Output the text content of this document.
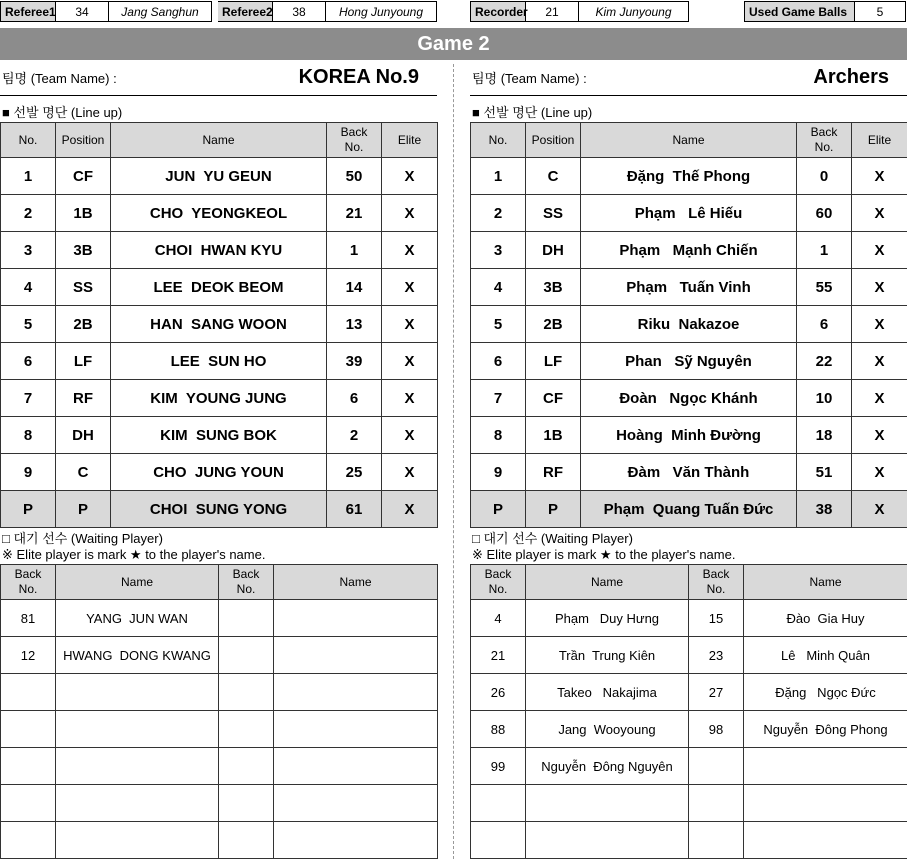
Referee1	34	Jang Sanghun	Referee2	38	Hong Junyoung	Recorder	21	Kim Junyoung	Used Game Balls	5
Game 2
팀명 (Team Name) :	KOREA No.9
■ 선발 명단 (Line up)
No.	Position	Name	Back No.	Elite
1	CF	JUN  YU GEUN	50	X
2	1B	CHO  YEONGKEOL	21	X
3	3B	CHOI  HWAN KYU	1	X
4	SS	LEE  DEOK BEOM	14	X
5	2B	HAN  SANG WOON	13	X
6	LF	LEE  SUN HO	39	X
7	RF	KIM  YOUNG JUNG	6	X
8	DH	KIM  SUNG BOK	2	X
9	C	CHO  JUNG YOUN	25	X
P	P	CHOI  SUNG YONG	61	X
□ 대기 선수 (Waiting Player)
※ Elite player is mark ★ to the player's name.
Back No.	Name	Back No.	Name
81	YANG  JUN WAN		
12	HWANG  DONG KWANG		

팀명 (Team Name) :	Archers
■ 선발 명단 (Line up)
No.	Position	Name	Back No.	Elite
1	C	Đặng  Thế Phong	0	X
2	SS	Phạm   Lê Hiếu	60	X
3	DH	Phạm   Mạnh Chiến	1	X
4	3B	Phạm   Tuấn Vinh	55	X
5	2B	Riku  Nakazoe	6	X
6	LF	Phan   Sỹ Nguyên	22	X
7	CF	Đoàn   Ngọc Khánh	10	X
8	1B	Hoàng  Minh Đường	18	X
9	RF	Đàm   Văn Thành	51	X
P	P	Phạm  Quang Tuấn Đức	38	X
□ 대기 선수 (Waiting Player)
※ Elite player is mark ★ to the player's name.
Back No.	Name	Back No.	Name
4	Phạm   Duy Hưng	15	Đào  Gia Huy
21	Trần  Trung Kiên	23	Lê   Minh Quân
26	Takeo   Nakajima	27	Đặng   Ngọc Đức
88	Jang  Wooyoung	98	Nguyễn  Đông Phong
99	Nguyễn  Đông Nguyên		
